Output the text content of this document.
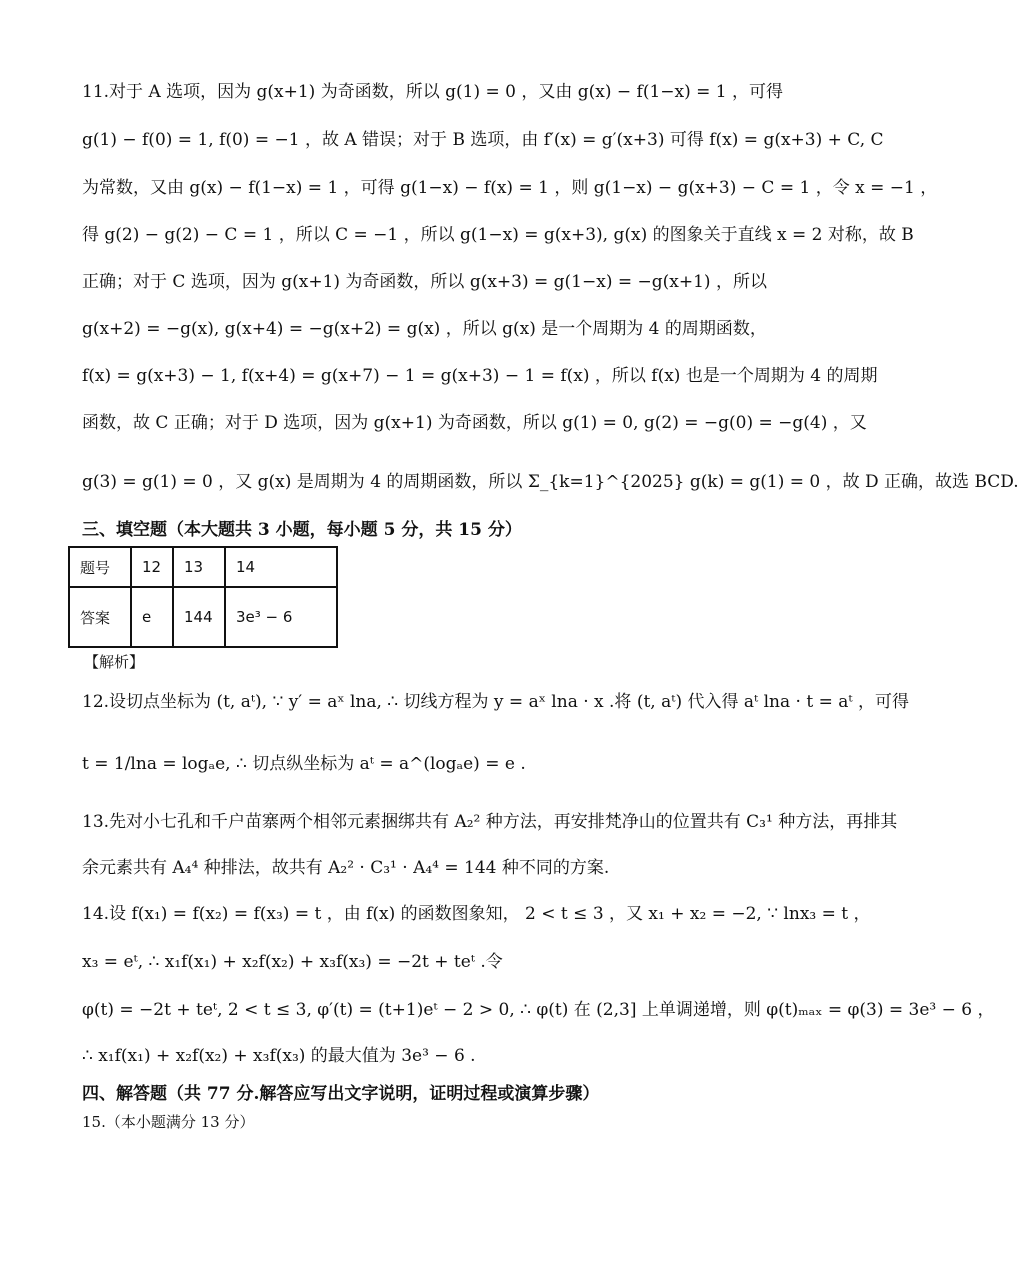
11.对于 A 选项，因为 g(x+1) 为奇函数，所以 g(1) = 0 ，又由 g(x) − f(1−x) = 1 ，可得
g(1) − f(0) = 1, f(0) = −1 ，故 A 错误；对于 B 选项，由 f′(x) = g′(x+3) 可得 f(x) = g(x+3) + C, C
为常数，又由 g(x) − f(1−x) = 1 ，可得 g(1−x) − f(x) = 1 ，则 g(1−x) − g(x+3) − C = 1 ，令 x = −1 ，
得 g(2) − g(2) − C = 1 ，所以 C = −1 ，所以 g(1−x) = g(x+3), g(x) 的图象关于直线 x = 2 对称，故 B
正确；对于 C 选项，因为 g(x+1) 为奇函数，所以 g(x+3) = g(1−x) = −g(x+1) ，所以
g(x+2) = −g(x), g(x+4) = −g(x+2) = g(x) ，所以 g(x) 是一个周期为 4 的周期函数，
f(x) = g(x+3) − 1, f(x+4) = g(x+7) − 1 = g(x+3) − 1 = f(x) ，所以 f(x) 也是一个周期为 4 的周期
函数，故 C 正确；对于 D 选项，因为 g(x+1) 为奇函数，所以 g(1) = 0, g(2) = −g(0) = −g(4) ，又
g(3) = g(1) = 0 ，又 g(x) 是周期为 4 的周期函数，所以 Σ_{k=1}^{2025} g(k) = g(1) = 0 ，故 D 正确，故选 BCD.
三、填空题（本大题共 3 小题，每小题 5 分，共 15 分）
题号	12	13	14
答案	e	144	3e³ − 6
【解析】
12.设切点坐标为 (t, aᵗ), ∵ y′ = aˣ lna, ∴ 切线方程为 y = aˣ lna · x .将 (t, aᵗ) 代入得 aᵗ lna · t = aᵗ ，可得
t = 1/lna = logₐe, ∴ 切点纵坐标为 aᵗ = a^(logₐe) = e .
13.先对小七孔和千户苗寨两个相邻元素捆绑共有 A₂² 种方法，再安排梵净山的位置共有 C₃¹ 种方法，再排其
余元素共有 A₄⁴ 种排法，故共有 A₂² · C₃¹ · A₄⁴ = 144 种不同的方案.
14.设 f(x₁) = f(x₂) = f(x₃) = t ，由 f(x) 的函数图象知， 2 < t ≤ 3 ，又 x₁ + x₂ = −2, ∵ lnx₃ = t ，
x₃ = eᵗ, ∴ x₁f(x₁) + x₂f(x₂) + x₃f(x₃) = −2t + teᵗ .令
φ(t) = −2t + teᵗ, 2 < t ≤ 3, φ′(t) = (t+1)eᵗ − 2 > 0, ∴ φ(t) 在 (2,3] 上单调递增，则 φ(t)ₘₐₓ = φ(3) = 3e³ − 6 ，
∴ x₁f(x₁) + x₂f(x₂) + x₃f(x₃) 的最大值为 3e³ − 6 .
四、解答题（共 77 分.解答应写出文字说明，证明过程或演算步骤）
15.（本小题满分 13 分）
